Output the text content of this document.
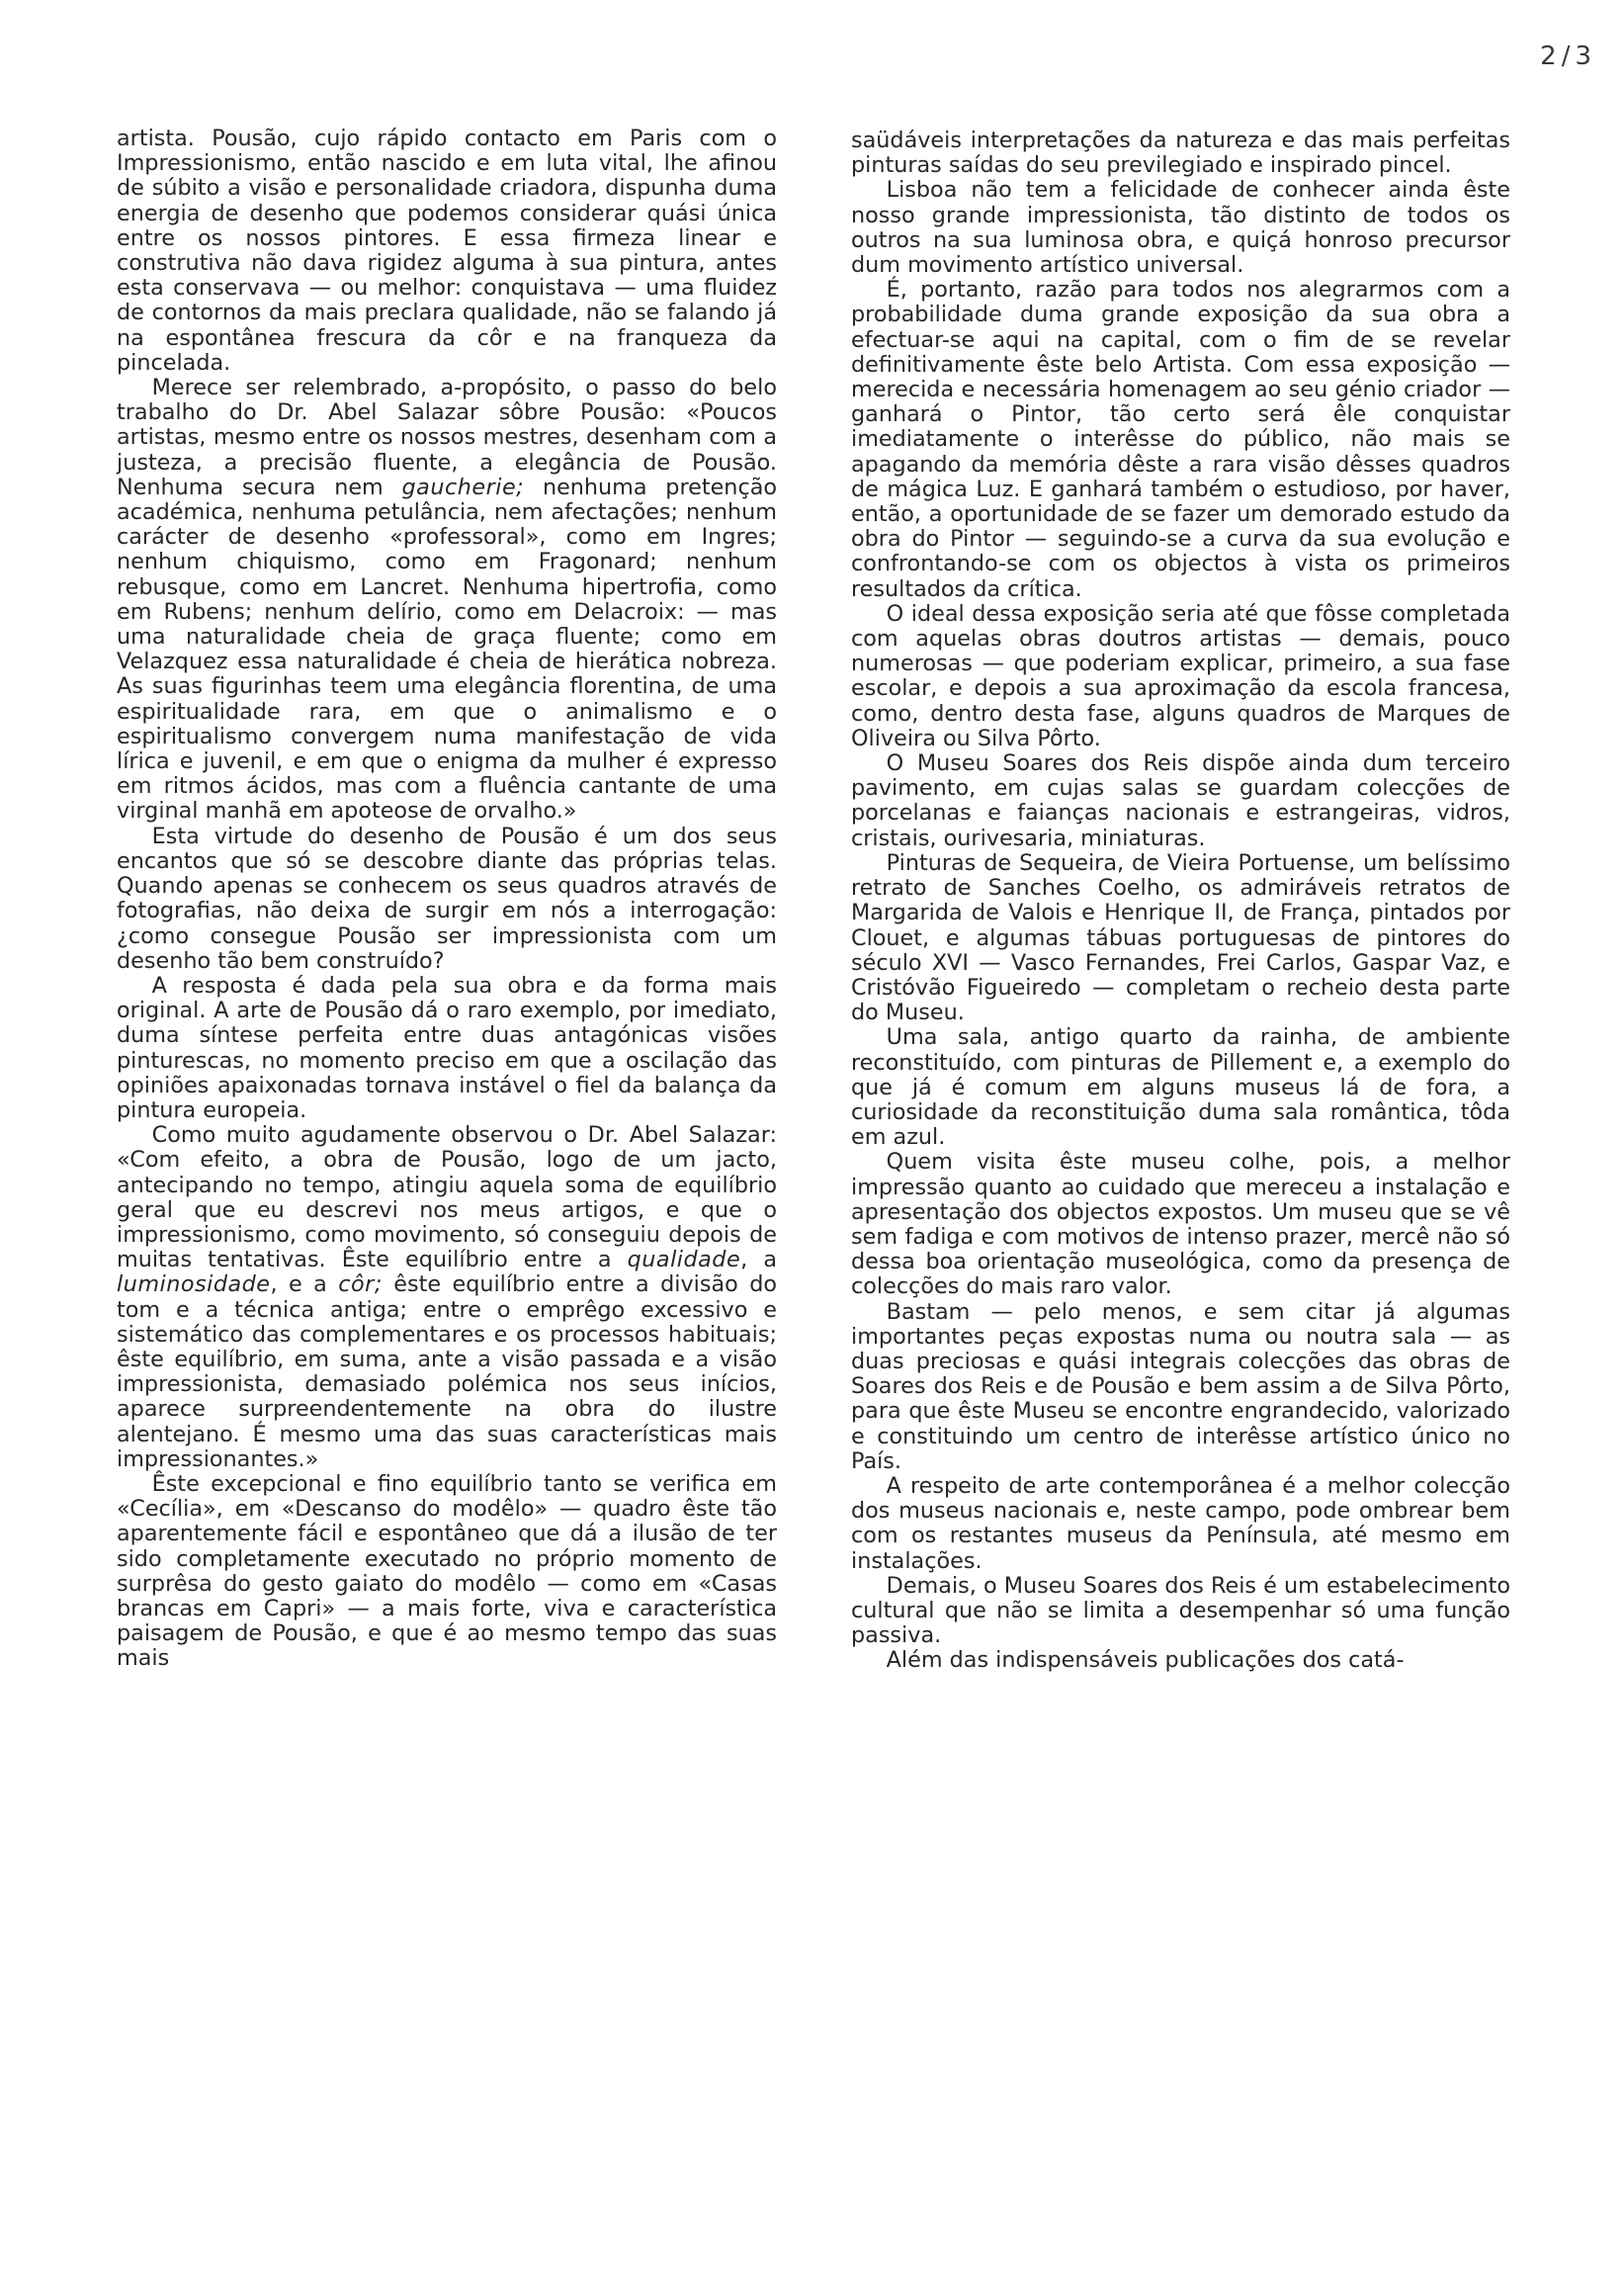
2/3

artista. Pousão, cujo rápido contacto em Paris com o Impressionismo, então nascido e em luta vital, lhe afinou de súbito a visão e personalidade criadora, dispunha duma energia de desenho que podemos considerar quási única entre os nossos pintores. E essa firmeza linear e construtiva não dava rigidez alguma à sua pintura, antes esta conservava — ou melhor: conquistava — uma fluidez de contornos da mais preclara qualidade, não se falando já na espontânea frescura da côr e na franqueza da pincelada.

Merece ser relembrado, a-propósito, o passo do belo trabalho do Dr. Abel Salazar sôbre Pousão: «Poucos artistas, mesmo entre os nossos mestres, desenham com a justeza, a precisão fluente, a elegância de Pousão. Nenhuma secura nem gaucherie; nenhuma pretenção académica, nenhuma petulância, nem afectações; nenhum carácter de desenho «professoral», como em Ingres; nenhum chiquismo, como em Fragonard; nenhum rebusque, como em Lancret. Nenhuma hipertrofia, como em Rubens; nenhum delírio, como em Delacroix: — mas uma naturalidade cheia de graça fluente; como em Velazquez essa naturalidade é cheia de hierática nobreza. As suas figurinhas teem uma elegância florentina, de uma espiritualidade rara, em que o animalismo e o espiritualismo convergem numa manifestação de vida lírica e juvenil, e em que o enigma da mulher é expresso em ritmos ácidos, mas com a fluência cantante de uma virginal manhã em apoteose de orvalho.»

Esta virtude do desenho de Pousão é um dos seus encantos que só se descobre diante das próprias telas. Quando apenas se conhecem os seus quadros através de fotografias, não deixa de surgir em nós a interrogação: ¿como consegue Pousão ser impressionista com um desenho tão bem construído?

A resposta é dada pela sua obra e da forma mais original. A arte de Pousão dá o raro exemplo, por imediato, duma síntese perfeita entre duas antagónicas visões pinturescas, no momento preciso em que a oscilação das opiniões apaixonadas tornava instável o fiel da balança da pintura europeia.

Como muito agudamente observou o Dr. Abel Salazar: «Com efeito, a obra de Pousão, logo de um jacto, antecipando no tempo, atingiu aquela soma de equilíbrio geral que eu descrevi nos meus artigos, e que o impressionismo, como movimento, só conseguiu depois de muitas tentativas. Êste equilíbrio entre a qualidade, a luminosidade, e a côr; êste equilíbrio entre a divisão do tom e a técnica antiga; entre o emprêgo excessivo e sistemático das complementares e os processos habituais; êste equilíbrio, em suma, ante a visão passada e a visão impressionista, demasiado polémica nos seus inícios, aparece surpreendentemente na obra do ilustre alentejano. É mesmo uma das suas características mais impressionantes.»

Êste excepcional e fino equilíbrio tanto se verifica em «Cecília», em «Descanso do modêlo» — quadro êste tão aparentemente fácil e espontâneo que dá a ilusão de ter sido completamente executado no próprio momento de surprêsa do gesto gaiato do modêlo — como em «Casas brancas em Capri» — a mais forte, viva e característica paisagem de Pousão, e que é ao mesmo tempo das suas mais

saüdáveis interpretações da natureza e das mais perfeitas pinturas saídas do seu previlegiado e inspirado pincel.

Lisboa não tem a felicidade de conhecer ainda êste nosso grande impressionista, tão distinto de todos os outros na sua luminosa obra, e quiçá honroso precursor dum movimento artístico universal.

É, portanto, razão para todos nos alegrarmos com a probabilidade duma grande exposição da sua obra a efectuar-se aqui na capital, com o fim de se revelar definitivamente êste belo Artista. Com essa exposição — merecida e necessária homenagem ao seu génio criador — ganhará o Pintor, tão certo será êle conquistar imediatamente o interêsse do público, não mais se apagando da memória dêste a rara visão dêsses quadros de mágica Luz. E ganhará também o estudioso, por haver, então, a oportunidade de se fazer um demorado estudo da obra do Pintor — seguindo-se a curva da sua evolução e confrontando-se com os objectos à vista os primeiros resultados da crítica.

O ideal dessa exposição seria até que fôsse completada com aquelas obras doutros artistas — demais, pouco numerosas — que poderiam explicar, primeiro, a sua fase escolar, e depois a sua aproximação da escola francesa, como, dentro desta fase, alguns quadros de Marques de Oliveira ou Silva Pôrto.

O Museu Soares dos Reis dispõe ainda dum terceiro pavimento, em cujas salas se guardam colecções de porcelanas e faianças nacionais e estrangeiras, vidros, cristais, ourivesaria, miniaturas.

Pinturas de Sequeira, de Vieira Portuense, um belíssimo retrato de Sanches Coelho, os admiráveis retratos de Margarida de Valois e Henrique II, de França, pintados por Clouet, e algumas tábuas portuguesas de pintores do século XVI — Vasco Fernandes, Frei Carlos, Gaspar Vaz, e Cristóvão Figueiredo — completam o recheio desta parte do Museu.

Uma sala, antigo quarto da rainha, de ambiente reconstituído, com pinturas de Pillement e, a exemplo do que já é comum em alguns museus lá de fora, a curiosidade da reconstituição duma sala romântica, tôda em azul.

Quem visita êste museu colhe, pois, a melhor impressão quanto ao cuidado que mereceu a instalação e apresentação dos objectos expostos. Um museu que se vê sem fadiga e com motivos de intenso prazer, mercê não só dessa boa orientação museológica, como da presença de colecções do mais raro valor.

Bastam — pelo menos, e sem citar já algumas importantes peças expostas numa ou noutra sala — as duas preciosas e quási integrais colecções das obras de Soares dos Reis e de Pousão e bem assim a de Silva Pôrto, para que êste Museu se encontre engrandecido, valorizado e constituindo um centro de interêsse artístico único no País.

A respeito de arte contemporânea é a melhor colecção dos museus nacionais e, neste campo, pode ombrear bem com os restantes museus da Península, até mesmo em instalações.

Demais, o Museu Soares dos Reis é um estabelecimento cultural que não se limita a desempenhar só uma função passiva.

Além das indispensáveis publicações dos catá-
